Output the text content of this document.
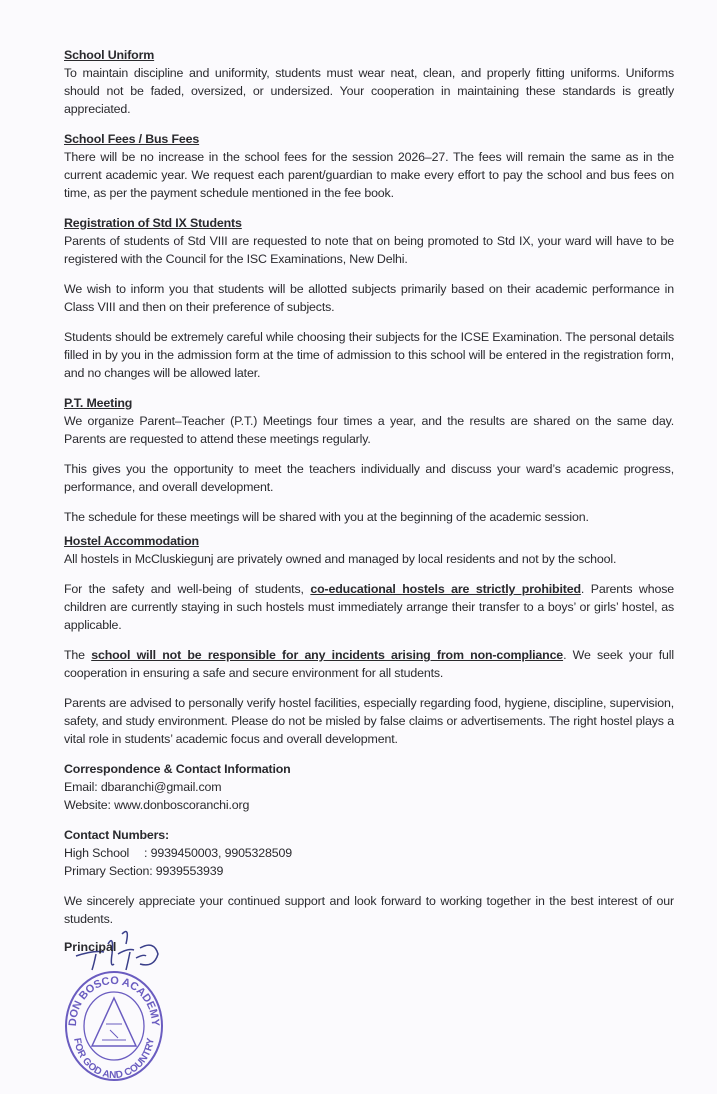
School Uniform
To maintain discipline and uniformity, students must wear neat, clean, and properly fitting uniforms. Uniforms should not be faded, oversized, or undersized. Your cooperation in maintaining these standards is greatly appreciated.
School Fees / Bus Fees
There will be no increase in the school fees for the session 2026–27. The fees will remain the same as in the current academic year. We request each parent/guardian to make every effort to pay the school and bus fees on time, as per the payment schedule mentioned in the fee book.
Registration of Std IX Students
Parents of students of Std VIII are requested to note that on being promoted to Std IX, your ward will have to be registered with the Council for the ISC Examinations, New Delhi.
We wish to inform you that students will be allotted subjects primarily based on their academic performance in Class VIII and then on their preference of subjects.
Students should be extremely careful while choosing their subjects for the ICSE Examination. The personal details filled in by you in the admission form at the time of admission to this school will be entered in the registration form, and no changes will be allowed later.
P.T. Meeting
We organize Parent–Teacher (P.T.) Meetings four times a year, and the results are shared on the same day. Parents are requested to attend these meetings regularly.
This gives you the opportunity to meet the teachers individually and discuss your ward’s academic progress, performance, and overall development.
The schedule for these meetings will be shared with you at the beginning of the academic session.
Hostel Accommodation
All hostels in McCluskiegunj are privately owned and managed by local residents and not by the school.
For the safety and well-being of students, co-educational hostels are strictly prohibited. Parents whose children are currently staying in such hostels must immediately arrange their transfer to a boys’ or girls’ hostel, as applicable.
The school will not be responsible for any incidents arising from non-compliance. We seek your full cooperation in ensuring a safe and secure environment for all students.
Parents are advised to personally verify hostel facilities, especially regarding food, hygiene, discipline, supervision, safety, and study environment. Please do not be misled by false claims or advertisements. The right hostel plays a vital role in students’ academic focus and overall development.
Correspondence & Contact Information
Email: dbaranchi@gmail.com
Website: www.donboscoranchi.org
Contact Numbers:
High School : 9939450003, 9905328509
Primary Section: 9939553939
We sincerely appreciate your continued support and look forward to working together in the best interest of our students.
Principal
DON BOSCO ACADEMY
FOR GOD AND COUNTRY
